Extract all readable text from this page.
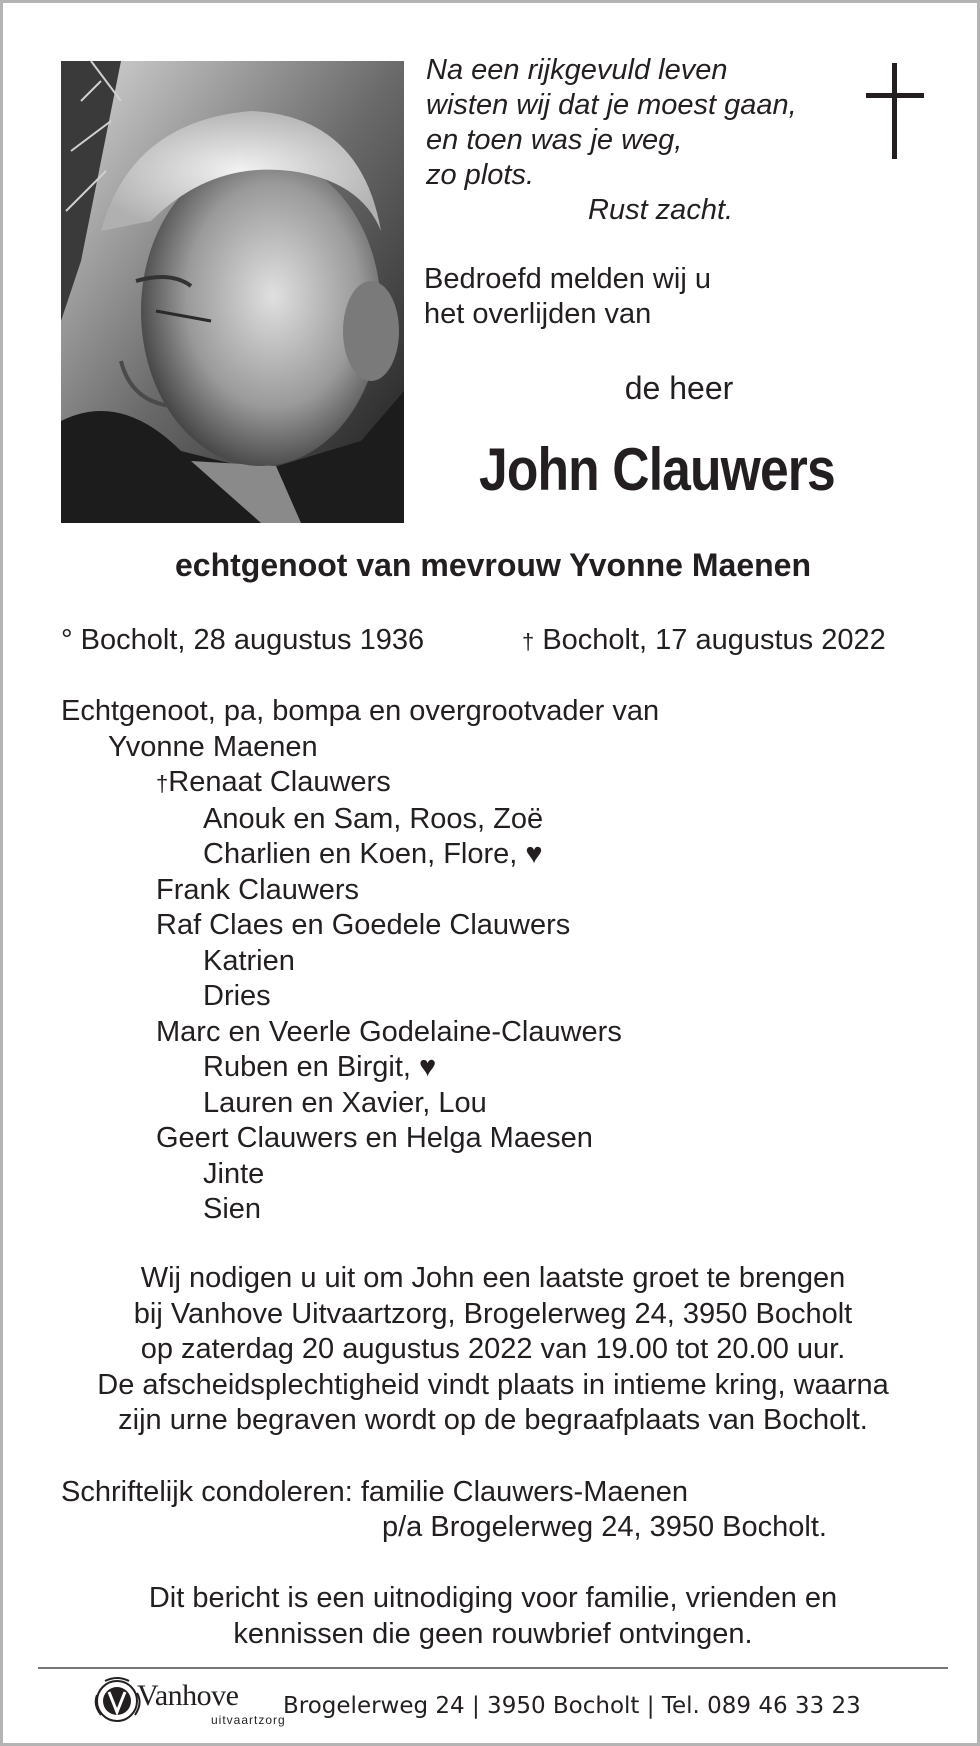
Na een rijkgevuld leven
wisten wij dat je moest gaan,
en toen was je weg,
zo plots.
Rust zacht.
Bedroefd melden wij u
het overlijden van
de heer
John Clauwers
echtgenoot van mevrouw Yvonne Maenen
° Bocholt, 28 augustus 1936	† Bocholt, 17 augustus 2022
Echtgenoot, pa, bompa en overgrootvader van
Yvonne Maenen
†Renaat Clauwers
Anouk en Sam, Roos, Zoë
Charlien en Koen, Flore, ♥
Frank Clauwers
Raf Claes en Goedele Clauwers
Katrien
Dries
Marc en Veerle Godelaine-Clauwers
Ruben en Birgit, ♥
Lauren en Xavier, Lou
Geert Clauwers en Helga Maesen
Jinte
Sien
Wij nodigen u uit om John een laatste groet te brengen
bij Vanhove Uitvaartzorg, Brogelerweg 24, 3950 Bocholt
op zaterdag 20 augustus 2022 van 19.00 tot 20.00 uur.
De afscheidsplechtigheid vindt plaats in intieme kring, waarna
zijn urne begraven wordt op de begraafplaats van Bocholt.
Schriftelijk condoleren: familie Clauwers-Maenen
p/a Brogelerweg 24, 3950 Bocholt.
Dit bericht is een uitnodiging voor familie, vrienden en
kennissen die geen rouwbrief ontvingen.
Vanhove
uitvaartzorg
Brogelerweg 24 | 3950 Bocholt | Tel. 089 46 33 23
